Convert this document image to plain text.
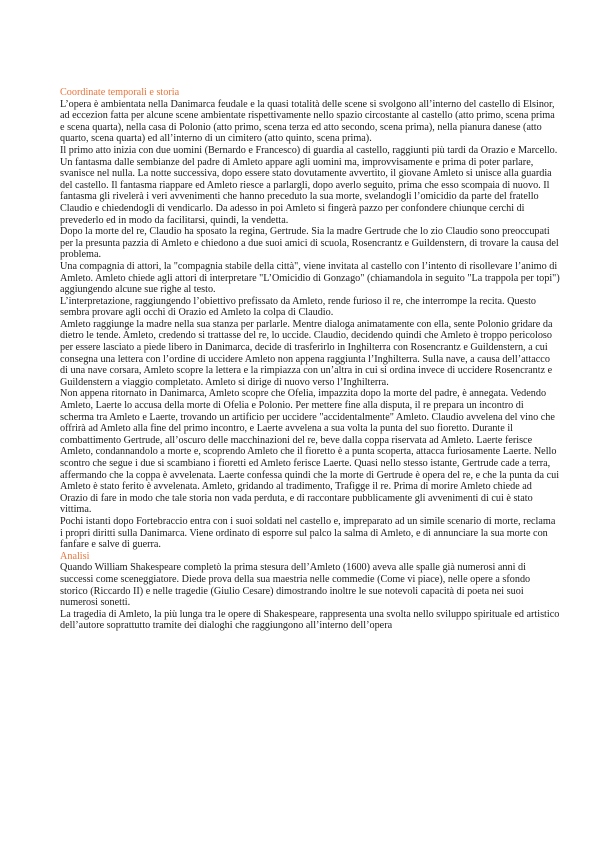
Coordinate temporali e storia

L’opera è ambientata nella Danimarca feudale e la quasi totalità delle scene si svolgono all’interno del castello di Elsinor, ad eccezion fatta per alcune scene ambientate rispettivamente nello spazio circostante al castello (atto primo, scena prima e scena quarta), nella casa di Polonio (atto primo, scena terza ed atto secondo, scena prima), nella pianura danese (atto quarto, scena quarta) ed all’interno di un cimitero (atto quinto, scena prima).

Il primo atto inizia con due uomini (Bernardo e Francesco) di guardia al castello, raggiunti più tardi da Orazio e Marcello. Un fantasma dalle sembianze del padre di Amleto appare agli uomini ma, improvvisamente e prima di poter parlare, svanisce nel nulla. La notte successiva, dopo essere stato dovutamente avvertito, il giovane Amleto si unisce alla guardia del castello. Il fantasma riappare ed Amleto riesce a parlargli, dopo averlo seguito, prima che esso scompaia di nuovo. Il fantasma gli rivelerà i veri avvenimenti che hanno preceduto la sua morte, svelandogli l’omicidio da parte del fratello Claudio e chiedendogli di vendicarlo. Da adesso in poi Amleto si fingerà pazzo per confondere chiunque cerchi di prevederlo ed in modo da facilitarsi, quindi, la vendetta.

Dopo la morte del re, Claudio ha sposato la regina, Gertrude. Sia la madre Gertrude che lo zio Claudio sono preoccupati per la presunta pazzia di Amleto e chiedono a due suoi amici di scuola, Rosencrantz e Guildenstern, di trovare la causa del problema.

Una compagnia di attori, la "compagnia stabile della città", viene invitata al castello con l’intento di risollevare l’animo di Amleto. Amleto chiede agli attori di interpretare "L’Omicidio di Gonzago" (chiamandola in seguito "La trappola per topi") aggiungendo alcune sue righe al testo.

L’interpretazione, raggiungendo l’obiettivo prefissato da Amleto, rende furioso il re, che interrompe la recita. Questo sembra provare agli occhi di Orazio ed Amleto la colpa di Claudio.

Amleto raggiunge la madre nella sua stanza per parlarle. Mentre dialoga animatamente con ella, sente Polonio gridare da dietro le tende. Amleto, credendo si trattasse del re, lo uccide. Claudio, decidendo quindi che Amleto è troppo pericoloso per essere lasciato a piede libero in Danimarca, decide di trasferirlo in Inghilterra con Rosencrantz e Guildenstern, a cui consegna una lettera con l’ordine di uccidere Amleto non appena raggiunta l’Inghilterra. Sulla nave, a causa dell’attacco di una nave corsara, Amleto scopre la lettera e la rimpiazza con un’altra in cui si ordina invece di uccidere Rosencrantz e Guildenstern a viaggio completato. Amleto si dirige di nuovo verso l’Inghilterra.

Non appena ritornato in Danimarca, Amleto scopre che Ofelia, impazzita dopo la morte del padre, è annegata. Vedendo Amleto, Laerte lo accusa della morte di Ofelia e Polonio. Per mettere fine alla disputa, il re prepara un incontro di scherma tra Amleto e Laerte, trovando un artificio per uccidere "accidentalmente" Amleto. Claudio avvelena del vino che offrirà ad Amleto alla fine del primo incontro, e Laerte avvelena a sua volta la punta del suo fioretto. Durante il combattimento Gertrude, all’oscuro delle macchinazioni del re, beve dalla coppa riservata ad Amleto. Laerte ferisce Amleto, condannandolo a morte e, scoprendo Amleto che il fioretto è a punta scoperta, attacca furiosamente Laerte. Nello scontro che segue i due si scambiano i fioretti ed Amleto ferisce Laerte. Quasi nello stesso istante, Gertrude cade a terra, affermando che la coppa è avvelenata. Laerte confessa quindi che la morte di Gertrude è opera del re, e che la punta da cui Amleto è stato ferito è avvelenata. Amleto, gridando al tradimento, Trafigge il re. Prima di morire Amleto chiede ad Orazio di fare in modo che tale storia non vada perduta, e di raccontare pubblicamente gli avvenimenti di cui è stato vittima.

Pochi istanti dopo Fortebraccio entra con i suoi soldati nel castello e, impreparato ad un simile scenario di morte, reclama i propri diritti sulla Danimarca. Viene ordinato di esporre sul palco la salma di Amleto, e di annunciare la sua morte con fanfare e salve di guerra.

Analisi

Quando William Shakespeare completò la prima stesura dell’Amleto (1600) aveva alle spalle già numerosi anni di successi come sceneggiatore. Diede prova della sua maestria nelle commedie (Come vi piace), nelle opere a sfondo storico (Riccardo II) e nelle tragedie (Giulio Cesare) dimostrando inoltre le sue notevoli capacità di poeta nei suoi numerosi sonetti.

La tragedia di Amleto, la più lunga tra le opere di Shakespeare, rappresenta una svolta nello sviluppo spirituale ed artistico dell’autore soprattutto tramite dei dialoghi che raggiungono all’interno dell’opera
